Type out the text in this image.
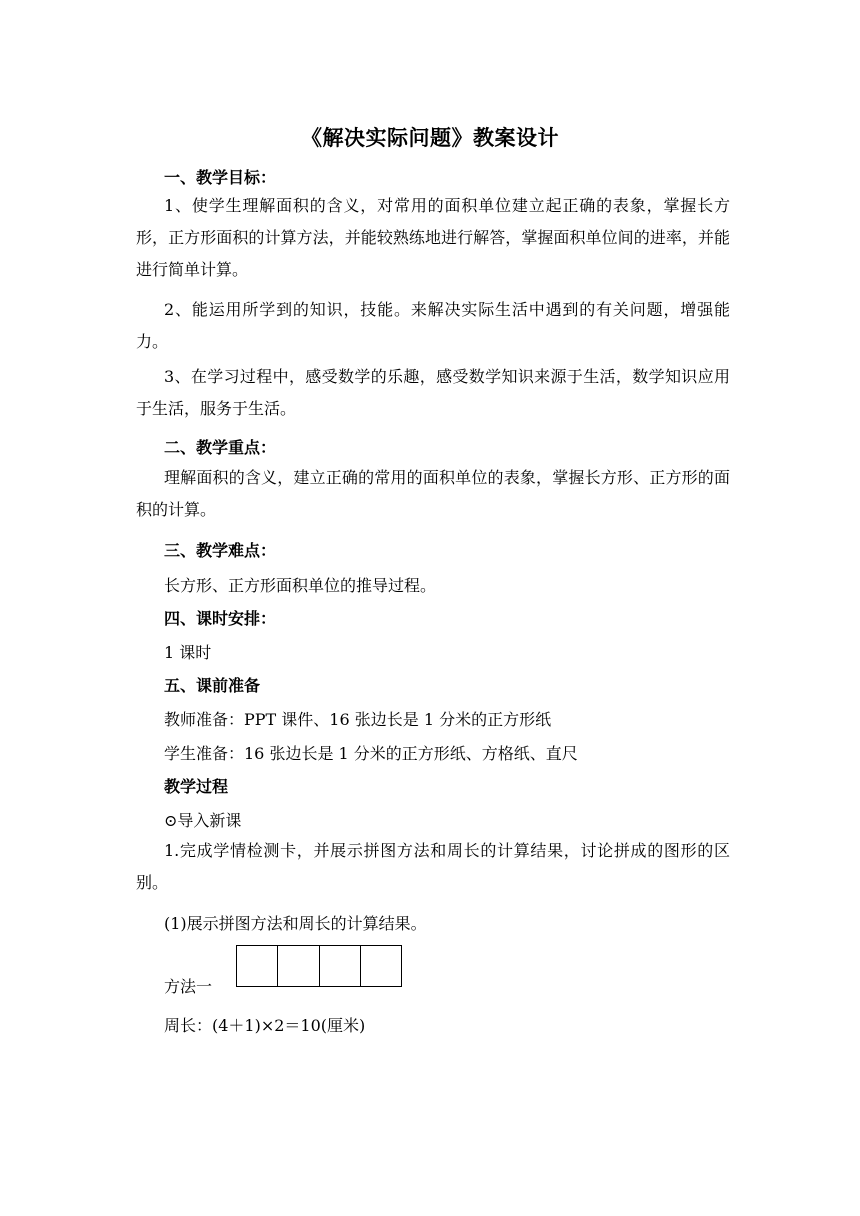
《解决实际问题》教案设计
一、教学目标：
1、使学生理解面积的含义，对常用的面积单位建立起正确的表象，掌握长方形，正方形面积的计算方法，并能较熟练地进行解答，掌握面积单位间的进率，并能进行简单计算。
2、能运用所学到的知识，技能。来解决实际生活中遇到的有关问题，增强能力。
3、在学习过程中，感受数学的乐趣，感受数学知识来源于生活，数学知识应用于生活，服务于生活。
二、教学重点：
理解面积的含义，建立正确的常用的面积单位的表象，掌握长方形、正方形的面积的计算。
三、教学难点：
长方形、正方形面积单位的推导过程。
四、课时安排：
1 课时
五、课前准备
教师准备：PPT 课件、16 张边长是 1 分米的正方形纸
学生准备：16 张边长是 1 分米的正方形纸、方格纸、直尺
教学过程
⊙导入新课
1.完成学情检测卡，并展示拼图方法和周长的计算结果，讨论拼成的图形的区别。
(1)展示拼图方法和周长的计算结果。
方法一
周长：(4＋1)×2＝10(厘米)
